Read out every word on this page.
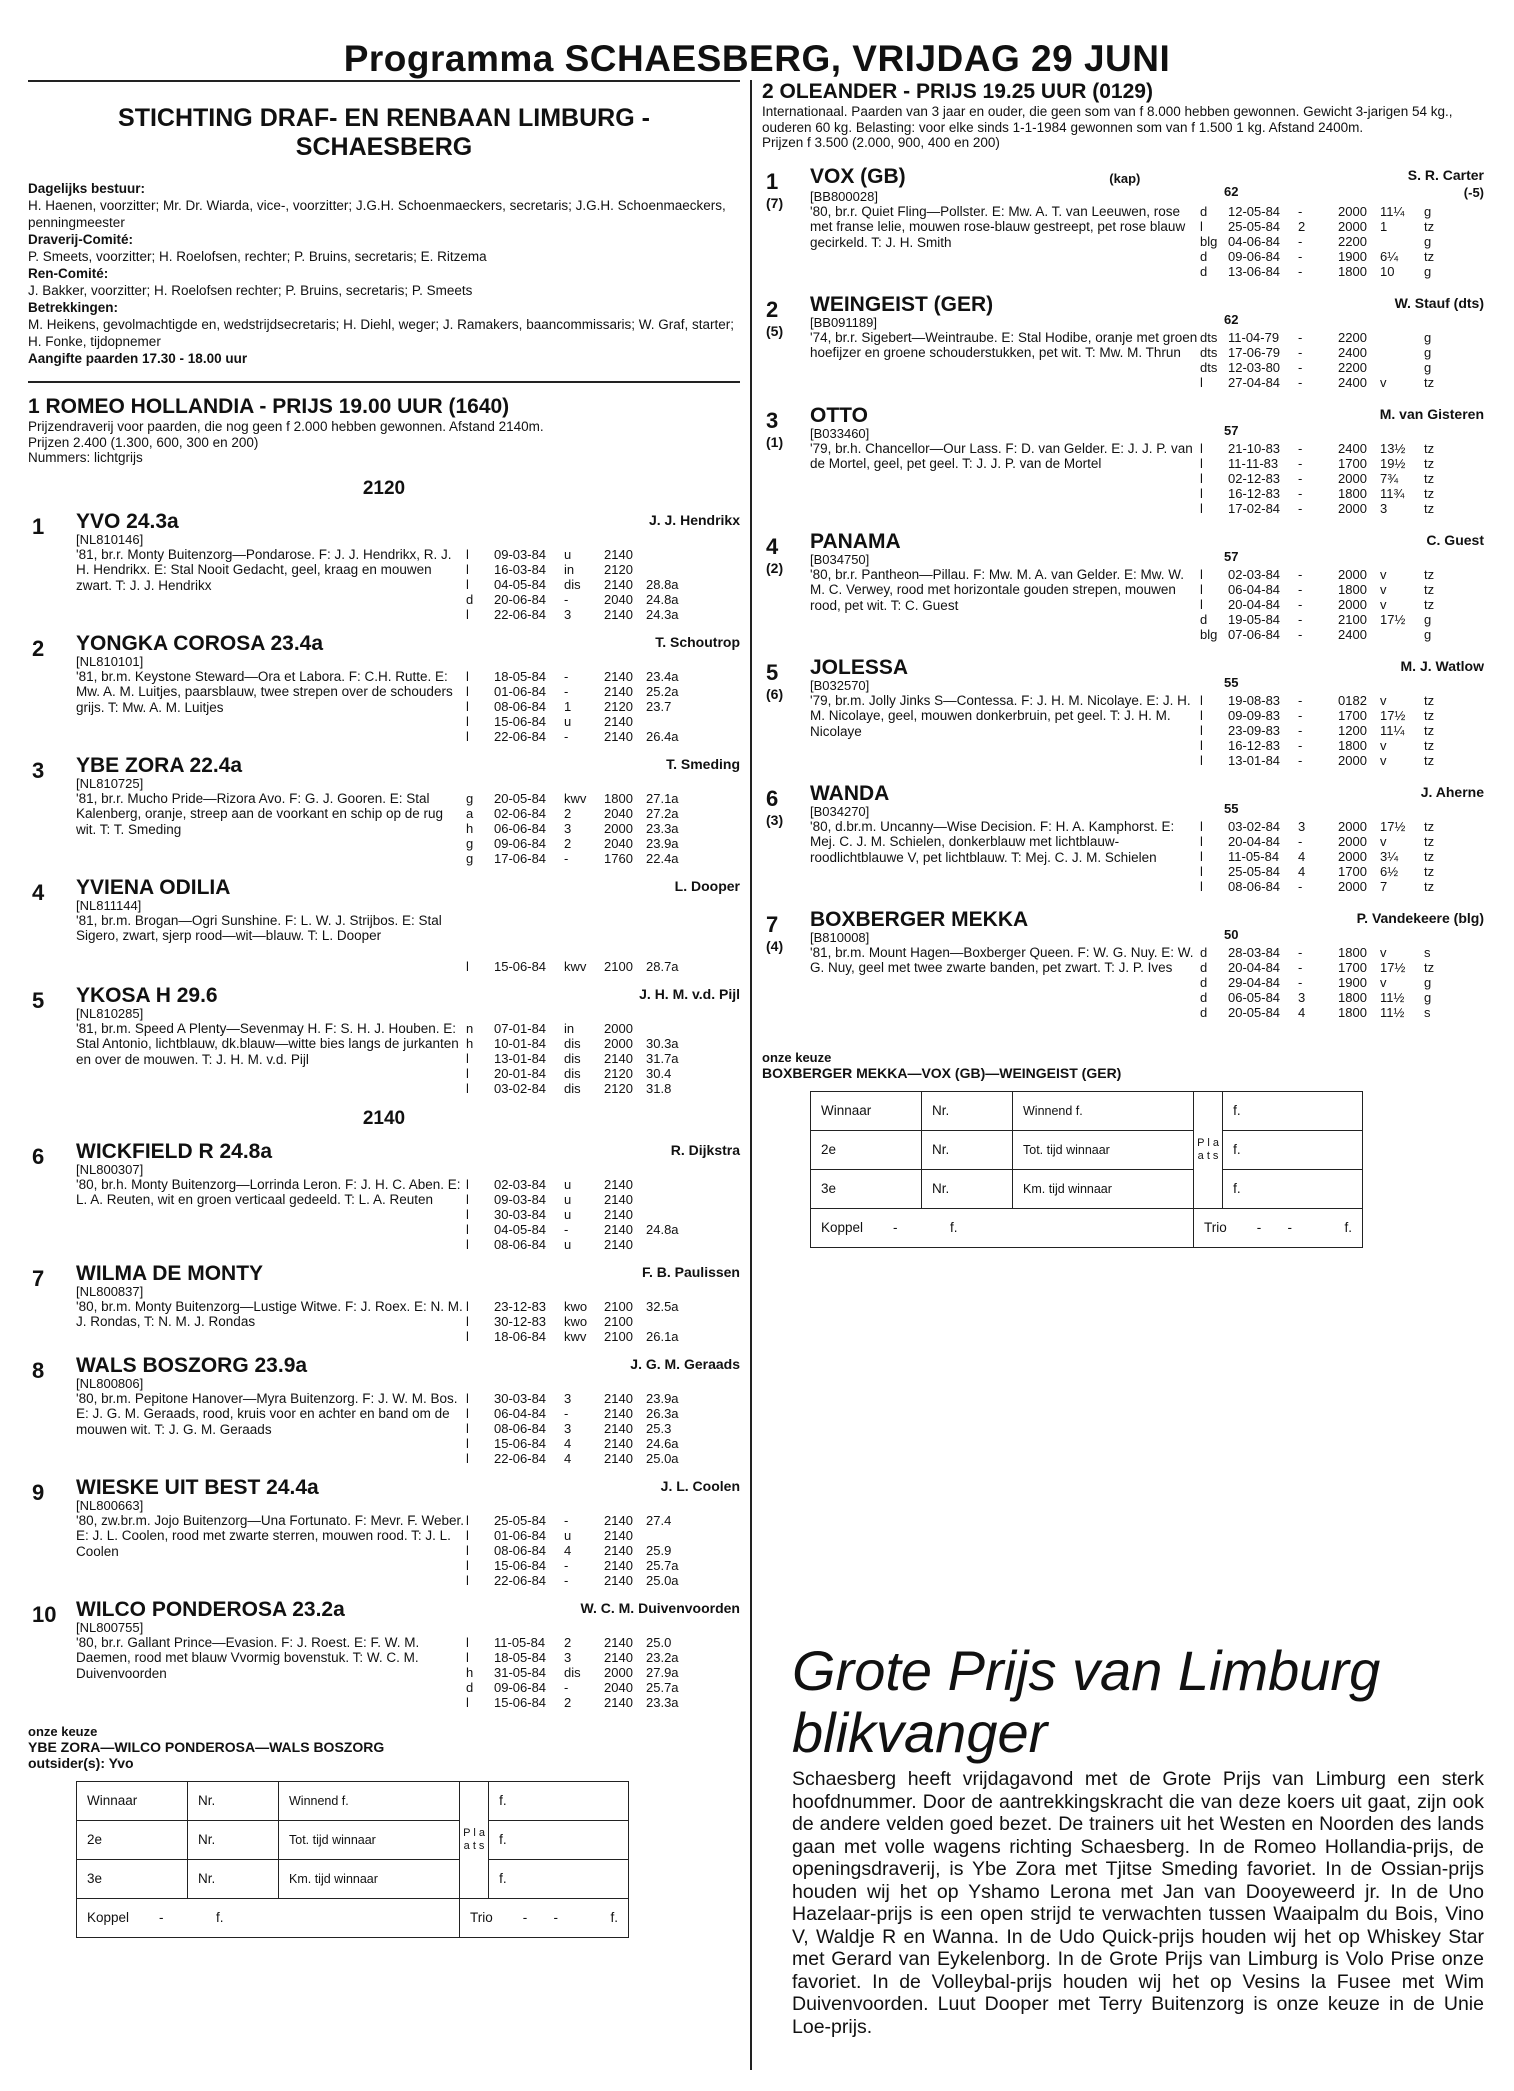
Programma SCHAESBERG, VRIJDAG 29 JUNI
STICHTING DRAF- EN RENBAAN LIMBURG - SCHAESBERG
Dagelijks bestuur:
H. Haenen, voorzitter; Mr. Dr. Wiarda, vice-, voorzitter; J.G.H. Schoenmaeckers, secretaris; J.G.H. Schoenmaeckers, penningmeester
Draverij-Comité:
P. Smeets, voorzitter; H. Roelofsen, rechter; P. Bruins, secretaris; E. Ritzema
Ren-Comité:
J. Bakker, voorzitter; H. Roelofsen rechter; P. Bruins, secretaris; P. Smeets
Betrekkingen:
M. Heikens, gevolmachtigde en, wedstrijdsecretaris; H. Diehl, weger; J. Ramakers, baancommissaris; W. Graf, starter; H. Fonke, tijdopnemer
Aangifte paarden 17.30 - 18.00 uur
1 ROMEO HOLLANDIA - PRIJS 19.00 UUR (1640)
Prijzendraverij voor paarden, die nog geen f 2.000 hebben gewonnen. Afstand 2140m.
Prijzen 2.400 (1.300, 600, 300 en 200)
Nummers: lichtgrijs
2120
1	YVO 24.3a	J. J. Hendrikx
[NL810146]
'81, br.r. Monty Buitenzorg—Pondarose. F: J. J. Hendrikx, R. J. H. Hendrikx. E: Stal Nooit Gedacht, geel, kraag en mouwen zwart. T: J. J. Hendrikx
l	09-03-84	u	2140
l	16-03-84	in	2120
l	04-05-84	dis	2140	28.8a
d	20-06-84	-	2040	24.8a
l	22-06-84	3	2140	24.3a
2	YONGKA COROSA 23.4a	T. Schoutrop
[NL810101]
'81, br.m. Keystone Steward—Ora et Labora. F: C.H. Rutte. E: Mw. A. M. Luitjes, paarsblauw, twee strepen over de schouders grijs. T: Mw. A. M. Luitjes
l	18-05-84	-	2140	23.4a
l	01-06-84	-	2140	25.2a
l	08-06-84	1	2120	23.7
l	15-06-84	u	2140
l	22-06-84	-	2140	26.4a
3	YBE ZORA 22.4a	T. Smeding
[NL810725]
'81, br.r. Mucho Pride—Rizora Avo. F: G. J. Gooren. E: Stal Kalenberg, oranje, streep aan de voorkant en schip op de rug wit. T: T. Smeding
g	20-05-84	kwv	1800	27.1a
a	02-06-84	2	2040	27.2a
h	06-06-84	3	2000	23.3a
g	09-06-84	2	2040	23.9a
g	17-06-84	-	1760	22.4a
4	YVIENA ODILIA	L. Dooper
[NL811144]
'81, br.m. Brogan—Ogri Sunshine. F: L. W. J. Strijbos. E: Stal Sigero, zwart, sjerp rood—wit—blauw. T: L. Dooper
l	15-06-84	kwv	2100	28.7a
5	YKOSA H 29.6	J. H. M. v.d. Pijl
[NL810285]
'81, br.m. Speed A Plenty—Sevenmay H. F: S. H. J. Houben. E: Stal Antonio, lichtblauw, dk.blauw—witte bies langs de jurkanten en over de mouwen. T: J. H. M. v.d. Pijl
n	07-01-84	in	2000
h	10-01-84	dis	2000	30.3a
l	13-01-84	dis	2140	31.7a
l	20-01-84	dis	2120	30.4
l	03-02-84	dis	2120	31.8
2140
6	WICKFIELD R 24.8a	R. Dijkstra
[NL800307]
'80, br.h. Monty Buitenzorg—Lorrinda Leron. F: J. H. C. Aben. E: L. A. Reuten, wit en groen verticaal gedeeld. T: L. A. Reuten
l	02-03-84	u	2140
l	09-03-84	u	2140
l	30-03-84	u	2140
l	04-05-84	-	2140	24.8a
l	08-06-84	u	2140
7	WILMA DE MONTY	F. B. Paulissen
[NL800837]
'80, br.m. Monty Buitenzorg—Lustige Witwe. F: J. Roex. E: N. M. J. Rondas, T: N. M. J. Rondas
l	23-12-83	kwo	2100	32.5a
l	30-12-83	kwo	2100
l	18-06-84	kwv	2100	26.1a
8	WALS BOSZORG 23.9a	J. G. M. Geraads
[NL800806]
'80, br.m. Pepitone Hanover—Myra Buitenzorg. F: J. W. M. Bos. E: J. G. M. Geraads, rood, kruis voor en achter en band om de mouwen wit. T: J. G. M. Geraads
l	30-03-84	3	2140	23.9a
l	06-04-84	-	2140	26.3a
l	08-06-84	3	2140	25.3
l	15-06-84	4	2140	24.6a
l	22-06-84	4	2140	25.0a
9	WIESKE UIT BEST 24.4a	J. L. Coolen
[NL800663]
'80, zw.br.m. Jojo Buitenzorg—Una Fortunato. F: Mevr. F. Weber. E: J. L. Coolen, rood met zwarte sterren, mouwen rood. T: J. L. Coolen
l	25-05-84	-	2140	27.4
l	01-06-84	u	2140
l	08-06-84	4	2140	25.9
l	15-06-84	-	2140	25.7a
l	22-06-84	-	2140	25.0a
10 WILCO PONDEROSA 23.2a	W. C. M. Duivenvoorden
[NL800755]
'80, br.r. Gallant Prince—Evasion. F: J. Roest. E: F. W. M. Daemen, rood met blauw Vvormig bovenstuk. T: W. C. M. Duivenvoorden
l	11-05-84	2	2140	25.0
l	18-05-84	3	2140	23.2a
h	31-05-84	dis	2000	27.9a
d	09-06-84	-	2040	25.7a
l	15-06-84	2	2140	23.3a
onze keuze
YBE ZORA—WILCO PONDEROSA—WALS BOSZORG
outsider(s): Yvo
Winnaar	Nr.	Winnend f.	P l a a t s	f.
2e	Nr.	Tot. tijd winnaar		f.
3e	Nr.	Km. tijd winnaar		f.
Koppel        -              f.			Trio        -       -              f.	
2 OLEANDER - PRIJS 19.25 UUR (0129)
Internationaal. Paarden van 3 jaar en ouder, die geen som van f 8.000 hebben gewonnen. Gewicht 3-jarigen 54 kg., ouderen 60 kg. Belasting: voor elke sinds 1-1-1984 gewonnen som van f 1.500 1 kg. Afstand 2400m.
Prijzen f 3.500 (2.000, 900, 400 en 200)
1
(7)
VOX (GB)	(kap)	S. R. Carter
62	(-5)
[BB800028]
'80, br.r. Quiet Fling—Pollster. E: Mw. A. T. van Leeuwen, rose met franse lelie, mouwen rose-blauw gestreept, pet rose blauw gecirkeld. T: J. H. Smith
d	12-05-84	-	2000	11¼	g
l	25-05-84	2	2000	1	tz
blg 04-06-84	-	2200	g
d	09-06-84	-	1900	6¼	tz
d	13-06-84	-	1800	10	g
2
(5)
WEINGEIST (GER)	W. Stauf (dts)
62
[BB091189]
'74, br.r. Sigebert—Weintraube. E: Stal Hodibe, oranje met groen hoefijzer en groene schouderstukken, pet wit. T: Mw. M. Thrun
dts 11-04-79	-	2200	g
dts 17-06-79	-	2400	g
dts 12-03-80	-	2200	g
l	27-04-84	-	2400	v	tz
3
(1)
OTTO	M. van Gisteren
57
[B033460]
'79, br.h. Chancellor—Our Lass. F: D. van Gelder. E: J. J. P. van de Mortel, geel, pet geel. T: J. J. P. van de Mortel
l	21-10-83	-	2400	13½	tz
l	11-11-83	-	1700	19½	tz
l	02-12-83	-	2000	7¾	tz
l	16-12-83	-	1800	11¾	tz
l	17-02-84	-	2000	3	tz
4
(2)
PANAMA	C. Guest
57
[B034750]
'80, br.r. Pantheon—Pillau. F: Mw. M. A. van Gelder. E: Mw. W. M. C. Verwey, rood met horizontale gouden strepen, mouwen rood, pet wit. T: C. Guest
l	02-03-84	-	2000	v	tz
l	06-04-84	-	1800	v	tz
l	20-04-84	-	2000	v	tz
d	19-05-84	-	2100	17½	g
blg 07-06-84	-	2400	g
5
(6)
JOLESSA	M. J. Watlow
55
[B032570]
'79, br.m. Jolly Jinks S—Contessa. F: J. H. M. Nicolaye. E: J. H. M. Nicolaye, geel, mouwen donkerbruin, pet geel. T: J. H. M. Nicolaye
l	19-08-83	-	0182	v	tz
l	09-09-83	-	1700	17½	tz
l	23-09-83	-	1200	11¼	tz
l	16-12-83	-	1800	v	tz
l	13-01-84	-	2000	v	tz
6
(3)
WANDA	J. Aherne
55
[B034270]
'80, d.br.m. Uncanny—Wise Decision. F: H. A. Kamphorst. E: Mej. C. J. M. Schielen, donkerblauw met lichtblauw-roodlichtblauwe V, pet lichtblauw. T: Mej. C. J. M. Schielen
l	03-02-84	3	2000	17½	tz
l	20-04-84	-	2000	v	tz
l	11-05-84	4	2000	3¼	tz
l	25-05-84	4	1700	6½	tz
l	08-06-84	-	2000	7	tz
7
(4)
BOXBERGER MEKKA	P. Vandekeere (blg)
50
[B810008]
'81, br.m. Mount Hagen—Boxberger Queen. F: W. G. Nuy. E: W. G. Nuy, geel met twee zwarte banden, pet zwart. T: J. P. Ives
d	28-03-84	-	1800	v	s
d	20-04-84	-	1700	17½	tz
d	29-04-84	-	1900	v	g
d	06-05-84	3	1800	11½	g
d	20-05-84	4	1800	11½	s
onze keuze
BOXBERGER MEKKA—VOX (GB)—WEINGEIST (GER)
Winnaar	Nr.	Winnend f.	P l a a t s	f.
2e	Nr.	Tot. tijd winnaar		f.
3e	Nr.	Km. tijd winnaar		f.
Koppel        -              f.			Trio        -       -              f.	
Grote Prijs van Limburg blikvanger
Schaesberg heeft vrijdagavond met de Grote Prijs van Limburg een sterk hoofdnummer. Door de aantrekkingskracht die van deze koers uit gaat, zijn ook de andere velden goed bezet. De trainers uit het Westen en Noorden des lands gaan met volle wagens richting Schaesberg. In de Romeo Hollandia-prijs, de openingsdraverij, is Ybe Zora met Tjitse Smeding favoriet. In de Ossian-prijs houden wij het op Yshamo Lerona met Jan van Dooyeweerd jr. In de Uno Hazelaar-prijs is een open strijd te verwachten tussen Waaipalm du Bois, Vino V, Waldje R en Wanna. In de Udo Quick-prijs houden wij het op Whiskey Star met Gerard van Eykelenborg. In de Grote Prijs van Limburg is Volo Prise onze favoriet. In de Volleybal-prijs houden wij het op Vesins la Fusee met Wim Duivenvoorden. Luut Dooper met Terry Buitenzorg is onze keuze in de Unie Loe-prijs.
